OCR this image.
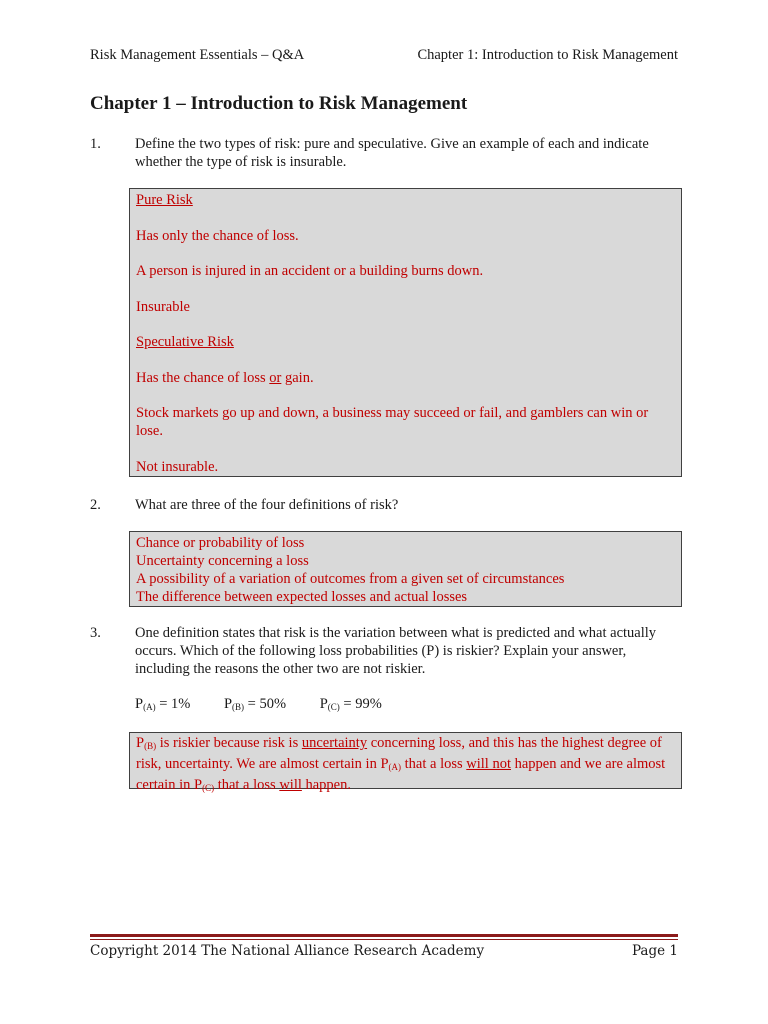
Risk Management Essentials – Q&A	Chapter 1: Introduction to Risk Management
Chapter 1 – Introduction to Risk Management
1. Define the two types of risk: pure and speculative. Give an example of each and indicate whether the type of risk is insurable.

Pure Risk

Has only the chance of loss.

A person is injured in an accident or a building burns down.

Insurable

Speculative Risk

Has the chance of loss or gain.

Stock markets go up and down, a business may succeed or fail, and gamblers can win or lose.

Not insurable.

2. What are three of the four definitions of risk?

Chance or probability of loss

Uncertainty concerning a loss

A possibility of a variation of outcomes from a given set of circumstances

The difference between expected losses and actual losses

3. One definition states that risk is the variation between what is predicted and what actually occurs. Which of the following loss probabilities (P) is riskier? Explain your answer, including the reasons the other two are not riskier.
$P_{(A)} = 1\%$ $P_{(B)} = 50\%$ $P_{(C)} = 99\%$

$P_{(B)}$ is riskier because risk is uncertainty concerning loss, and this has the highest degree of risk, uncertainty. We are almost certain in $P_{(A)}$ that a loss will not happen and we are almost certain in $P_{(C)}$ that a loss will happen.

Copyright 2014 The National Alliance Research Academy	Page 1
